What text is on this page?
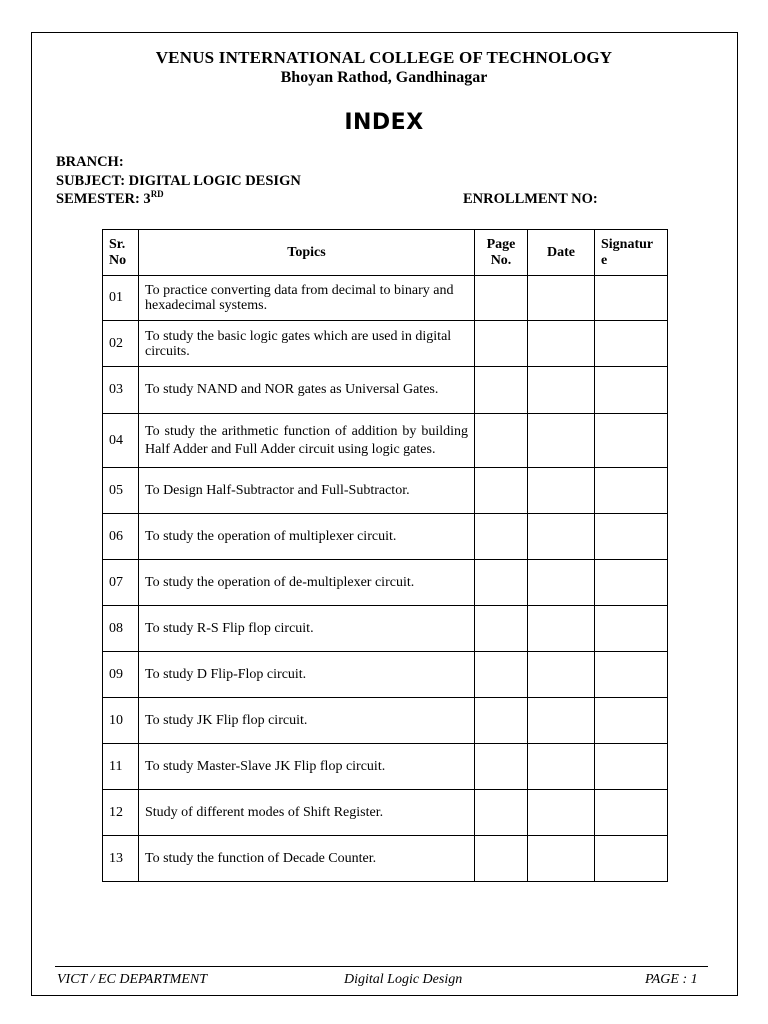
VENUS INTERNATIONAL COLLEGE OF TECHNOLOGY
Bhoyan Rathod, Gandhinagar
INDEX
BRANCH:
SUBJECT: DIGITAL LOGIC DESIGN
SEMESTER: 3RD	ENROLLMENT NO:
Sr. No	Topics	Page No.	Date	Signatur e
01	To practice converting data from decimal to binary and hexadecimal systems.			
02	To study the basic logic gates which are used in digital circuits.			
03	To study NAND and NOR gates as Universal Gates.			
04	To study the arithmetic function of addition by building Half Adder and Full Adder circuit using logic gates.			
05	To Design Half-Subtractor and Full-Subtractor.			
06	To study the operation of multiplexer circuit.			
07	To study the operation of de-multiplexer circuit.			
08	To study R-S Flip flop circuit.			
09	To study D Flip-Flop circuit.			
10	To study JK Flip flop circuit.			
11	To study Master-Slave JK Flip flop circuit.			
12	Study of different modes of Shift Register.			
13	To study the function of Decade Counter.			
VICT / EC DEPARTMENT	Digital Logic Design	PAGE : 1
